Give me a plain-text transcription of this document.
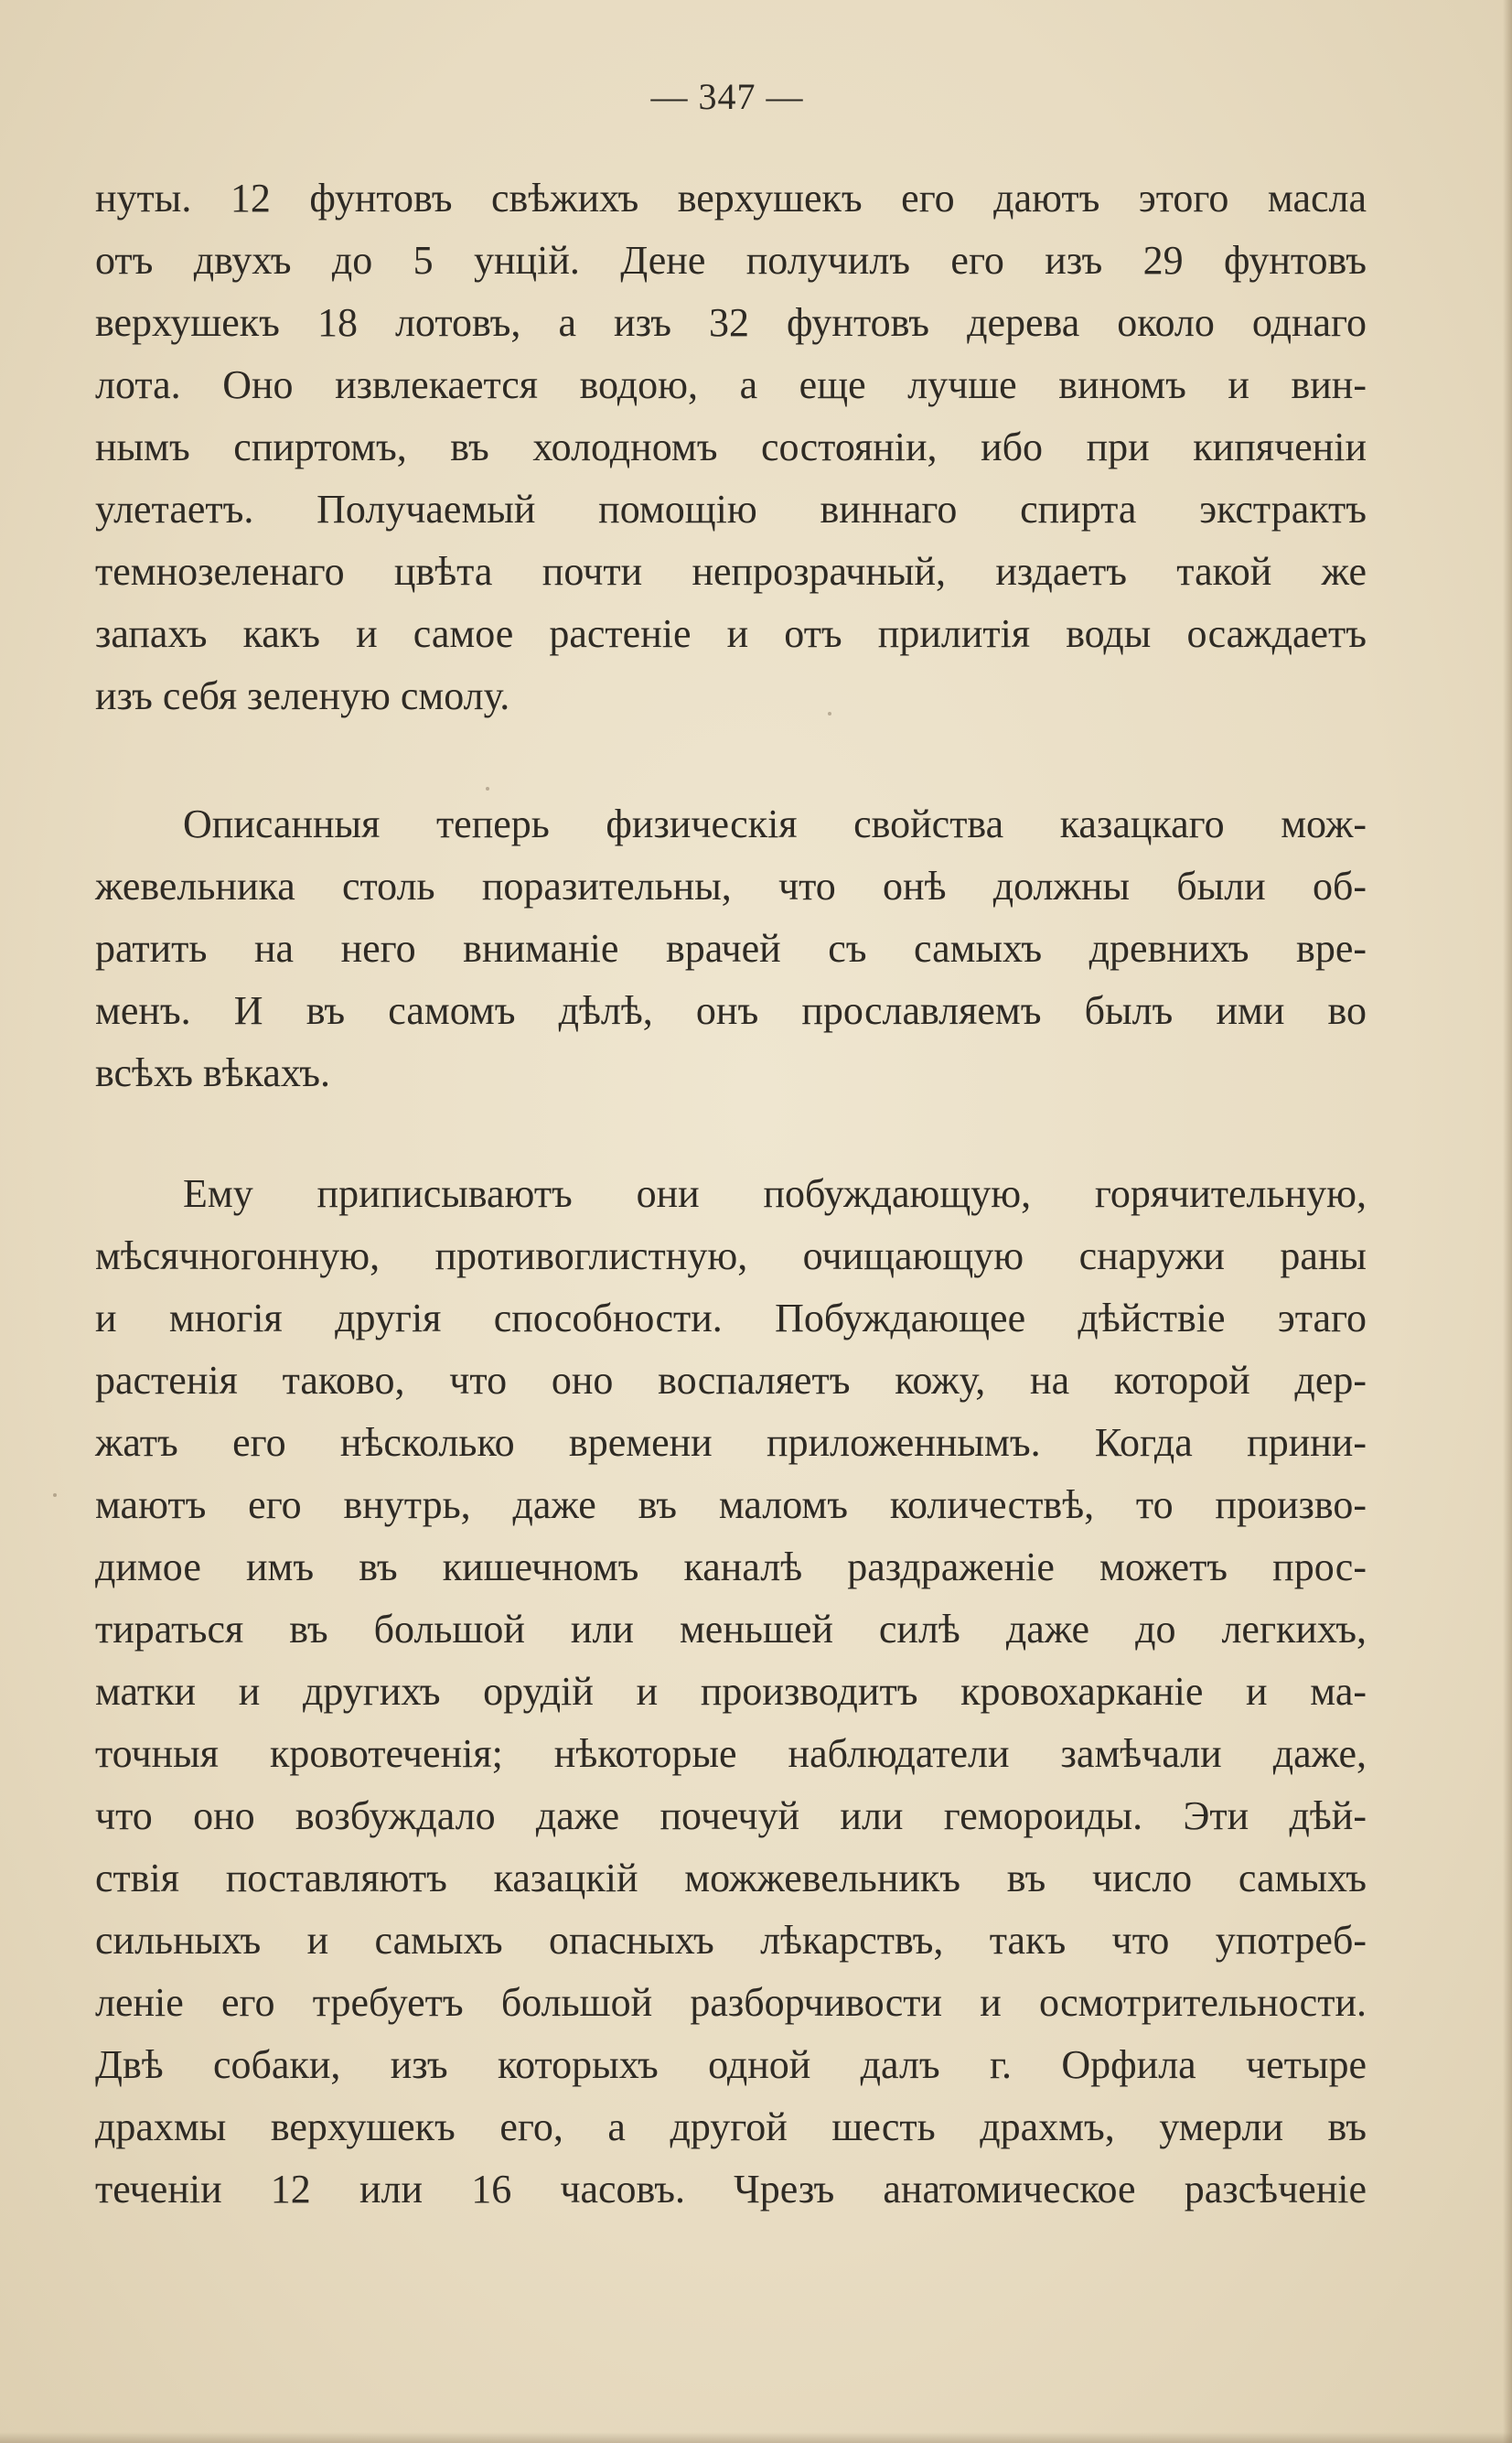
— 347 —
нуты. 12 фунтовъ свѣжихъ верхушекъ его даютъ этого масла
отъ двухъ до 5 унцій. Дене получилъ его изъ 29 фунтовъ
верхушекъ 18 лотовъ, а изъ 32 фунтовъ дерева около однаго
лота. Оно извлекается водою, а еще лучше виномъ и вин-
нымъ спиртомъ, въ холодномъ состояніи, ибо при кипяченіи
улетаетъ. Получаемый помощію виннаго спирта экстрактъ
темнозеленаго цвѣта почти непрозрачный, издаетъ такой же
запахъ какъ и самое растеніе и отъ прилитія воды осаждаетъ
изъ себя зеленую смолу.
Описанныя теперь физическія свойства казацкаго мож-
жевельника столь поразительны, что онѣ должны были об-
ратить на него вниманіе врачей съ самыхъ древнихъ вре-
менъ. И въ самомъ дѣлѣ, онъ прославляемъ былъ ими во
всѣхъ вѣкахъ.
Ему приписываютъ они побуждающую, горячительную,
мѣсячногонную, противоглистную, очищающую снаружи раны
и многія другія способности. Побуждающее дѣйствіе этаго
растенія таково, что оно воспаляетъ кожу, на которой дер-
жатъ его нѣсколько времени приложеннымъ. Когда прини-
маютъ его внутрь, даже въ маломъ количествѣ, то произво-
димое имъ въ кишечномъ каналѣ раздраженіе можетъ прос-
тираться въ большой или меньшей силѣ даже до легкихъ,
матки и другихъ орудій и производитъ кровохарканіе и ма-
точныя кровотеченія; нѣкоторые наблюдатели замѣчали даже,
что оно возбуждало даже почечуй или гемороиды. Эти дѣй-
ствія поставляютъ казацкій можжевельникъ въ число самыхъ
сильныхъ и самыхъ опасныхъ лѣкарствъ, такъ что употреб-
леніе его требуетъ большой разборчивости и осмотрительности.
Двѣ собаки, изъ которыхъ одной далъ г. Орфила четыре
драхмы верхушекъ его, а другой шесть драхмъ, умерли въ
теченіи 12 или 16 часовъ. Чрезъ анатомическое разсѣченіе
